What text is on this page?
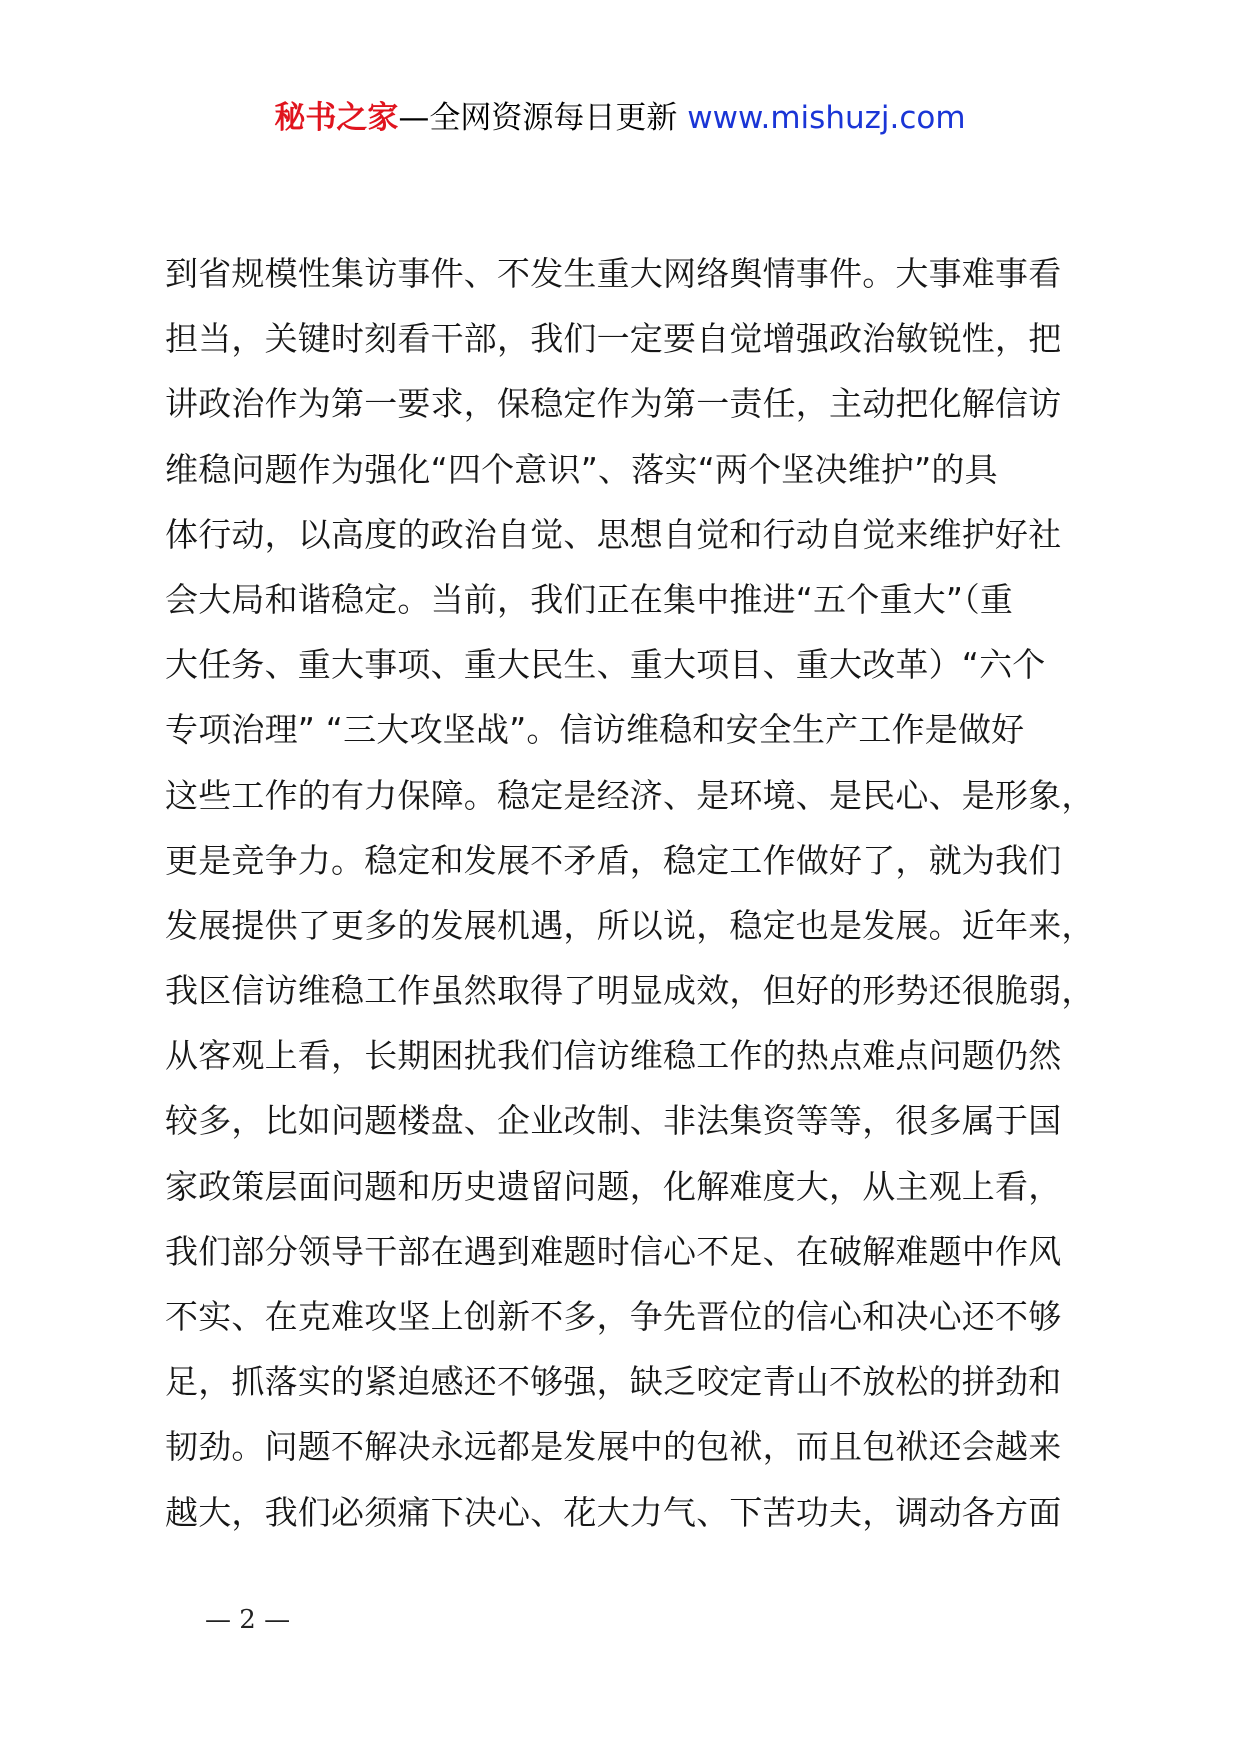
秘书之家—全网资源每日更新 www.mishuzj.com
到省规模性集访事件、不发生重大网络舆情事件。大事难事看
担当，关键时刻看干部，我们一定要自觉增强政治敏锐性，把
讲政治作为第一要求，保稳定作为第一责任，主动把化解信访
维稳问题作为强化“四个意识”、落实“两个坚决维护”的具
体行动，以高度的政治自觉、思想自觉和行动自觉来维护好社
会大局和谐稳定。当前，我们正在集中推进“五个重大”（重
大任务、重大事项、重大民生、重大项目、重大改革）“六个
专项治理” “三大攻坚战”。信访维稳和安全生产工作是做好
这些工作的有力保障。稳定是经济、是环境、是民心、是形象，
更是竞争力。稳定和发展不矛盾，稳定工作做好了，就为我们
发展提供了更多的发展机遇，所以说，稳定也是发展。近年来，
我区信访维稳工作虽然取得了明显成效，但好的形势还很脆弱，
从客观上看，长期困扰我们信访维稳工作的热点难点问题仍然
较多，比如问题楼盘、企业改制、非法集资等等，很多属于国
家政策层面问题和历史遗留问题，化解难度大，从主观上看，
我们部分领导干部在遇到难题时信心不足、在破解难题中作风
不实、在克难攻坚上创新不多，争先晋位的信心和决心还不够
足，抓落实的紧迫感还不够强，缺乏咬定青山不放松的拼劲和
韧劲。问题不解决永远都是发展中的包袱，而且包袱还会越来
越大，我们必须痛下决心、花大力气、下苦功夫，调动各方面
— 2 —
